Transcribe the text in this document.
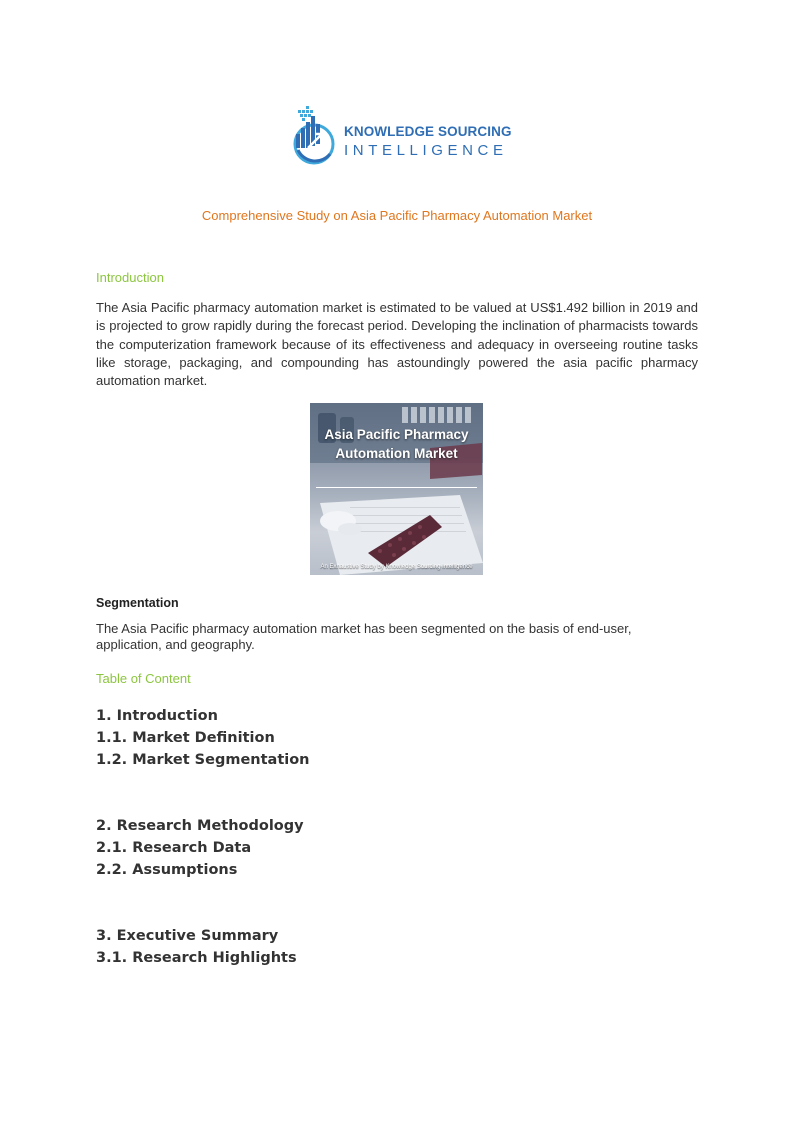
KNOWLEDGE SOURCING
INTELLIGENCE
Comprehensive Study on Asia Pacific Pharmacy Automation Market
Introduction
The Asia Pacific pharmacy automation market is estimated to be valued at US$1.492 billion in 2019 and is projected to grow rapidly during the forecast period. Developing the inclination of pharmacists towards the computerization framework because of its effectiveness and adequacy in overseeing routine tasks like storage, packaging, and compounding has astoundingly powered the asia pacific pharmacy automation market.
Asia Pacific Pharmacy Automation Market
An Exhaustive Study by Knowledge Sourcing Intelligence
Segmentation
The Asia Pacific pharmacy automation market has been segmented on the basis of end-user, application, and geography.
Table of Content
1. Introduction
1.1. Market Definition
1.2. Market Segmentation
2. Research Methodology
2.1. Research Data
2.2. Assumptions
3. Executive Summary
3.1. Research Highlights
